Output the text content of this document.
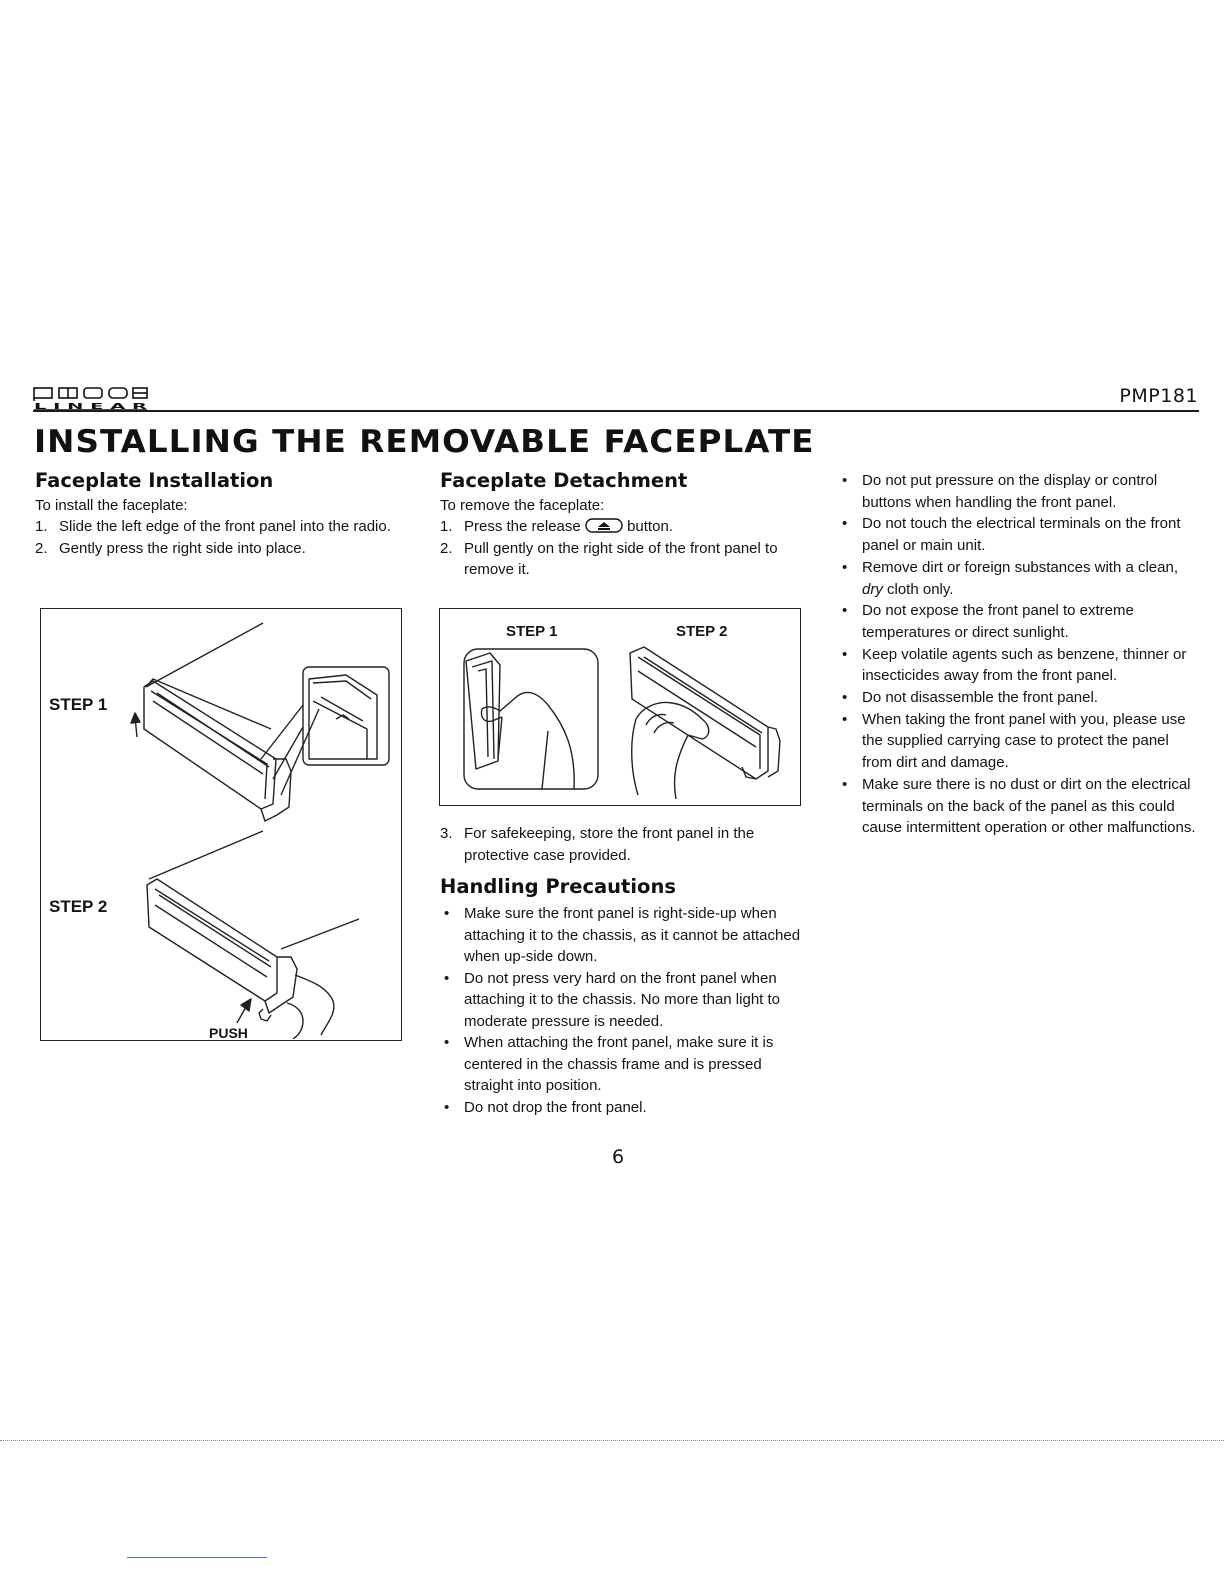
L I N E A R	PMP181
INSTALLING THE REMOVABLE FACEPLATE
Faceplate Installation

To install the faceplate:

1. Slide the left edge of the front panel into the radio.
2. Gently press the right side into place.
STEP 1
STEP 2
PUSH
Faceplate Detachment

To remove the faceplate:

1. Press the release	button.
2. Pull gently on the right side of the front panel to remove it.
STEP 1	STEP 2
3. For safekeeping, store the front panel in the protective case provided.
Handling Precautions
• Make sure the front panel is right-side-up when attaching it to the chassis, as it cannot be attached when up-side down.
• Do not press very hard on the front panel when attaching it to the chassis. No more than light to moderate pressure is needed.
• When attaching the front panel, make sure it is centered in the chassis frame and is pressed straight into position.
• Do not drop the front panel.
• Do not put pressure on the display or control buttons when handling the front panel.
• Do not touch the electrical terminals on the front panel or main unit.
• Remove dirt or foreign substances with a clean, dry cloth only.
• Do not expose the front panel to extreme temperatures or direct sunlight.
• Keep volatile agents such as benzene, thinner or insecticides away from the front panel.
• Do not disassemble the front panel.
• When taking the front panel with you, please use the supplied carrying case to protect the panel from dirt and damage.
• Make sure there is no dust or dirt on the electrical terminals on the back of the panel as this could cause intermittent operation or other malfunctions.
6
